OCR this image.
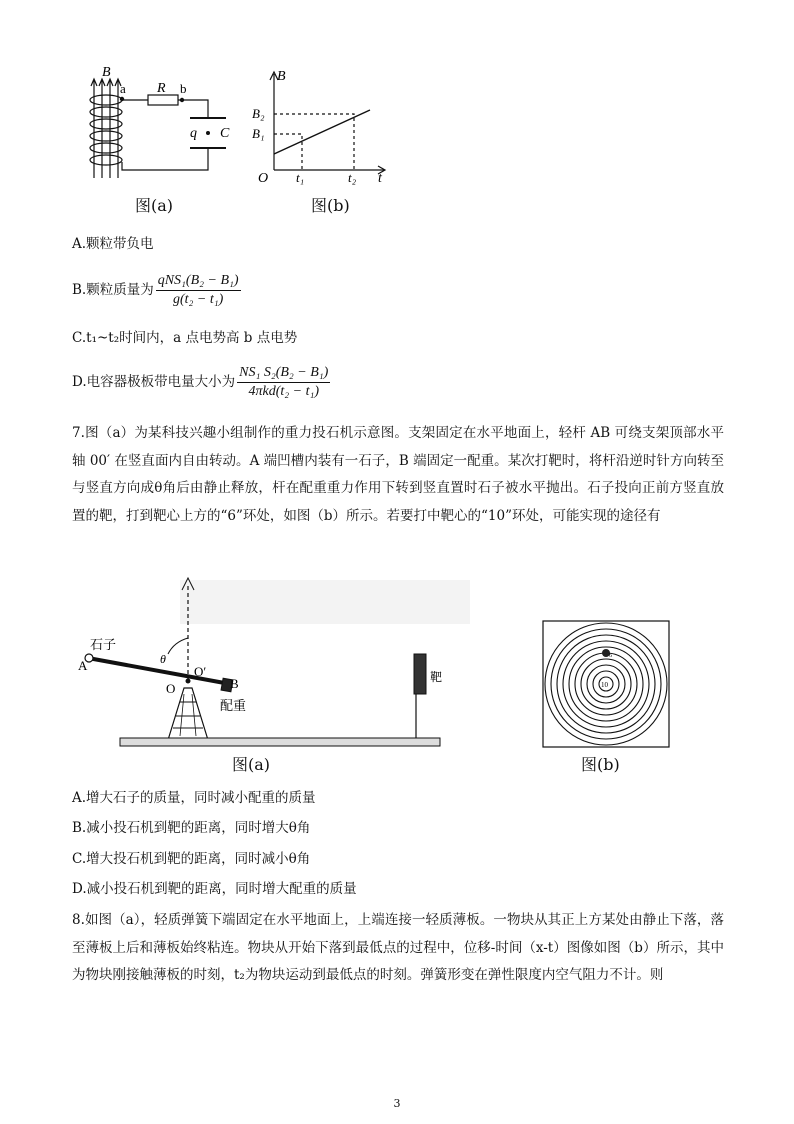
B
a R b
q C
图(a)
B
B₂
B₁
O t₁	t₂ t
图(b)
A.颗粒带负电
B.颗粒质量为 $\frac{\text{qNS₁(B₂ − B₁)}}{\text{g(t₂ − t₁)}}$
C.t₁~t₂时间内，a 点电势高 b 点电势
D.电容器极板带电量大小为 $\frac{\text{NS₁ S₂(B₂ − B₁)}}{\text{4πkd(t₂ − t₁)}}$
7.图（a）为某科技兴趣小组制作的重力投石机示意图。支架固定在水平地面上，轻杆 AB 可绕支架顶部水平轴 00′ 在竖直面内自由转动。A 端凹槽内装有一石子，B 端固定一配重。某次打靶时，将杆沿逆时针方向转至与竖直方向成θ角后由静止释放，杆在配重重力作用下转到竖直置时石子被水平抛出。石子投向正前方竖直放置的靶，打到靶心上方的“6”环处，如图（b）所示。若要打中靶心的“10”环处，可能实现的途径有
石子
A	θ
O′
O	B
配重
靶
图(a)
6
10
图(b)
A.增大石子的质量，同时减小配重的质量
B.减小投石机到靶的距离，同时增大θ角
C.增大投石机到靶的距离，同时减小θ角
D.减小投石机到靶的距离，同时增大配重的质量
8.如图（a），轻质弹簧下端固定在水平地面上，上端连接一轻质薄板。一物块从其正上方某处由静止下落，落至薄板上后和薄板始终粘连。物块从开始下落到最低点的过程中，位移-时间（x-t）图像如图（b）所示，其中为物块刚接触薄板的时刻，t₂为物块运动到最低点的时刻。弹簧形变在弹性限度内空气阻力不计。则
3
